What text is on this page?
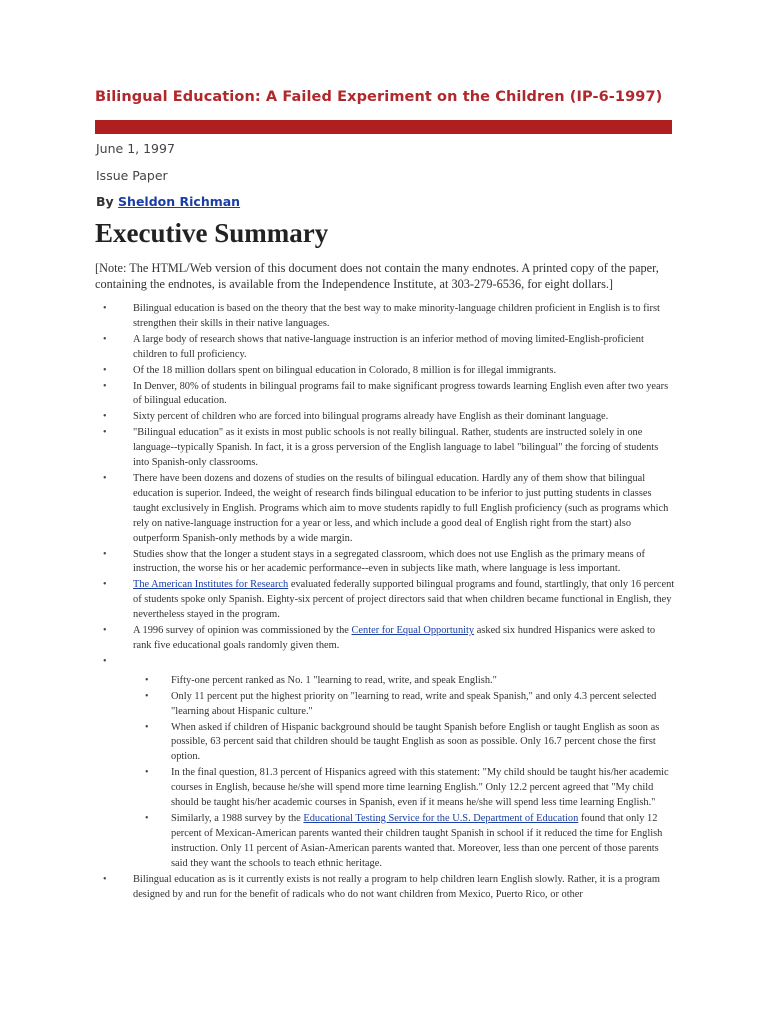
Bilingual Education: A Failed Experiment on the Children (IP-6-1997)

June 1, 1997

Issue Paper

By Sheldon Richman

Executive Summary

[Note: The HTML/Web version of this document does not contain the many endnotes. A printed copy of the paper, containing the endnotes, is available from the Independence Institute, at 303-279-6536, for eight dollars.]

• Bilingual education is based on the theory that the best way to make minority-language children proficient in English is to first strengthen their skills in their native languages.
• A large body of research shows that native-language instruction is an inferior method of moving limited-English-proficient children to full proficiency.
• Of the 18 million dollars spent on bilingual education in Colorado, 8 million is for illegal immigrants.
• In Denver, 80% of students in bilingual programs fail to make significant progress towards learning English even after two years of bilingual education.
• Sixty percent of children who are forced into bilingual programs already have English as their dominant language.
• "Bilingual education" as it exists in most public schools is not really bilingual. Rather, students are instructed solely in one language--typically Spanish. In fact, it is a gross perversion of the English language to label "bilingual" the forcing of students into Spanish-only classrooms.
• There have been dozens and dozens of studies on the results of bilingual education. Hardly any of them show that bilingual education is superior. Indeed, the weight of research finds bilingual education to be inferior to just putting students in classes taught exclusively in English. Programs which aim to move students rapidly to full English proficiency (such as programs which rely on native-language instruction for a year or less, and which include a good deal of English right from the start) also outperform Spanish-only methods by a wide margin.
• Studies show that the longer a student stays in a segregated classroom, which does not use English as the primary means of instruction, the worse his or her academic performance--even in subjects like math, where language is less important.
• The American Institutes for Research evaluated federally supported bilingual programs and found, startlingly, that only 16 percent of students spoke only Spanish. Eighty-six percent of project directors said that when children became functional in English, they nevertheless stayed in the program.
• A 1996 survey of opinion was commissioned by the Center for Equal Opportunity asked six hundred Hispanics were asked to rank five educational goals randomly given them.
• • Fifty-one percent ranked as No. 1 "learning to read, write, and speak English."
• Only 11 percent put the highest priority on "learning to read, write and speak Spanish," and only 4.3 percent selected "learning about Hispanic culture."
• When asked if children of Hispanic background should be taught Spanish before English or taught English as soon as possible, 63 percent said that children should be taught English as soon as possible. Only 16.7 percent chose the first option.
• In the final question, 81.3 percent of Hispanics agreed with this statement: "My child should be taught his/her academic courses in English, because he/she will spend more time learning English." Only 12.2 percent agreed that "My child should be taught his/her academic courses in Spanish, even if it means he/she will spend less time learning English."
• Similarly, a 1988 survey by the Educational Testing Service for the U.S. Department of Education found that only 12 percent of Mexican-American parents wanted their children taught Spanish in school if it reduced the time for English instruction. Only 11 percent of Asian-American parents wanted that. Moreover, less than one percent of those parents said they want the schools to teach ethnic heritage.
• Bilingual education as is it currently exists is not really a program to help children learn English slowly. Rather, it is a program designed by and run for the benefit of radicals who do not want children from Mexico, Puerto Rico, or other
